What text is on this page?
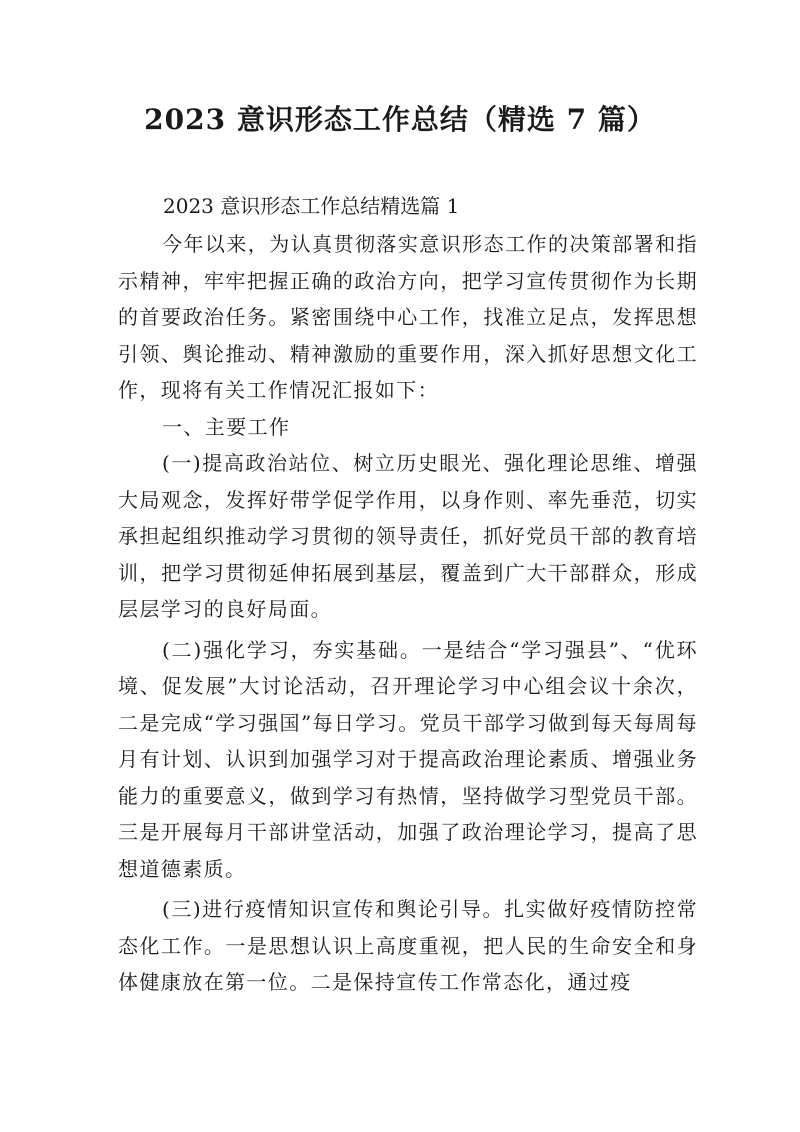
2023 意识形态工作总结（精选 7 篇）
2023 意识形态工作总结精选篇 1

今年以来，为认真贯彻落实意识形态工作的决策部署和指示精神，牢牢把握正确的政治方向，把学习宣传贯彻作为长期的首要政治任务。紧密围绕中心工作，找准立足点，发挥思想引领、舆论推动、精神激励的重要作用，深入抓好思想文化工作，现将有关工作情况汇报如下：

一、主要工作

(一)提高政治站位、树立历史眼光、强化理论思维、增强大局观念，发挥好带学促学作用，以身作则、率先垂范，切实承担起组织推动学习贯彻的领导责任，抓好党员干部的教育培训，把学习贯彻延伸拓展到基层，覆盖到广大干部群众，形成层层学习的良好局面。

(二)强化学习，夯实基础。一是结合“学习强县”、“优环境、促发展”大讨论活动，召开理论学习中心组会议十余次，二是完成“学习强国”每日学习。党员干部学习做到每天每周每月有计划、认识到加强学习对于提高政治理论素质、增强业务能力的重要意义，做到学习有热情，坚持做学习型党员干部。三是开展每月干部讲堂活动，加强了政治理论学习，提高了思想道德素质。

(三)进行疫情知识宣传和舆论引导。扎实做好疫情防控常态化工作。一是思想认识上高度重视，把人民的生命安全和身体健康放在第一位。二是保持宣传工作常态化，通过疫
